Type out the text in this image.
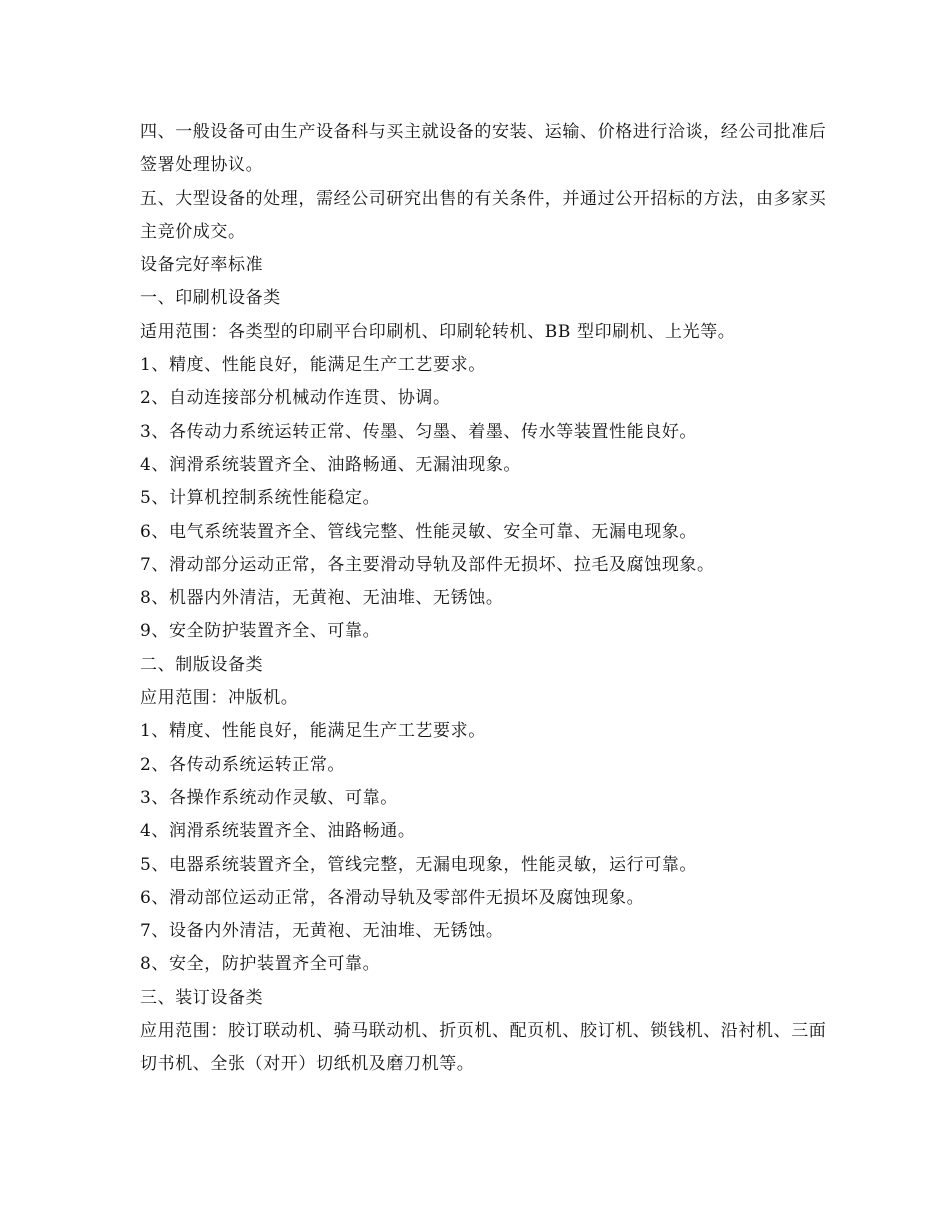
四、一般设备可由生产设备科与买主就设备的安装、运输、价格进行洽谈，经公司批准后签署处理协议。

五、大型设备的处理，需经公司研究出售的有关条件，并通过公开招标的方法，由多家买主竞价成交。

设备完好率标准

一、印刷机设备类

适用范围：各类型的印刷平台印刷机、印刷轮转机、BB 型印刷机、上光等。

1、精度、性能良好，能满足生产工艺要求。

2、自动连接部分机械动作连贯、协调。

3、各传动力系统运转正常、传墨、匀墨、着墨、传水等装置性能良好。

4、润滑系统装置齐全、油路畅通、无漏油现象。

5、计算机控制系统性能稳定。

6、电气系统装置齐全、管线完整、性能灵敏、安全可靠、无漏电现象。

7、滑动部分运动正常，各主要滑动导轨及部件无损坏、拉毛及腐蚀现象。

8、机器内外清洁，无黄袍、无油堆、无锈蚀。

9、安全防护装置齐全、可靠。

二、制版设备类

应用范围：冲版机。

1、精度、性能良好，能满足生产工艺要求。

2、各传动系统运转正常。

3、各操作系统动作灵敏、可靠。

4、润滑系统装置齐全、油路畅通。

5、电器系统装置齐全，管线完整，无漏电现象，性能灵敏，运行可靠。

6、滑动部位运动正常，各滑动导轨及零部件无损坏及腐蚀现象。

7、设备内外清洁，无黄袍、无油堆、无锈蚀。

8、安全，防护装置齐全可靠。

三、装订设备类

应用范围：胶订联动机、骑马联动机、折页机、配页机、胶订机、锁钱机、沿衬机、三面切书机、全张（对开）切纸机及磨刀机等。
